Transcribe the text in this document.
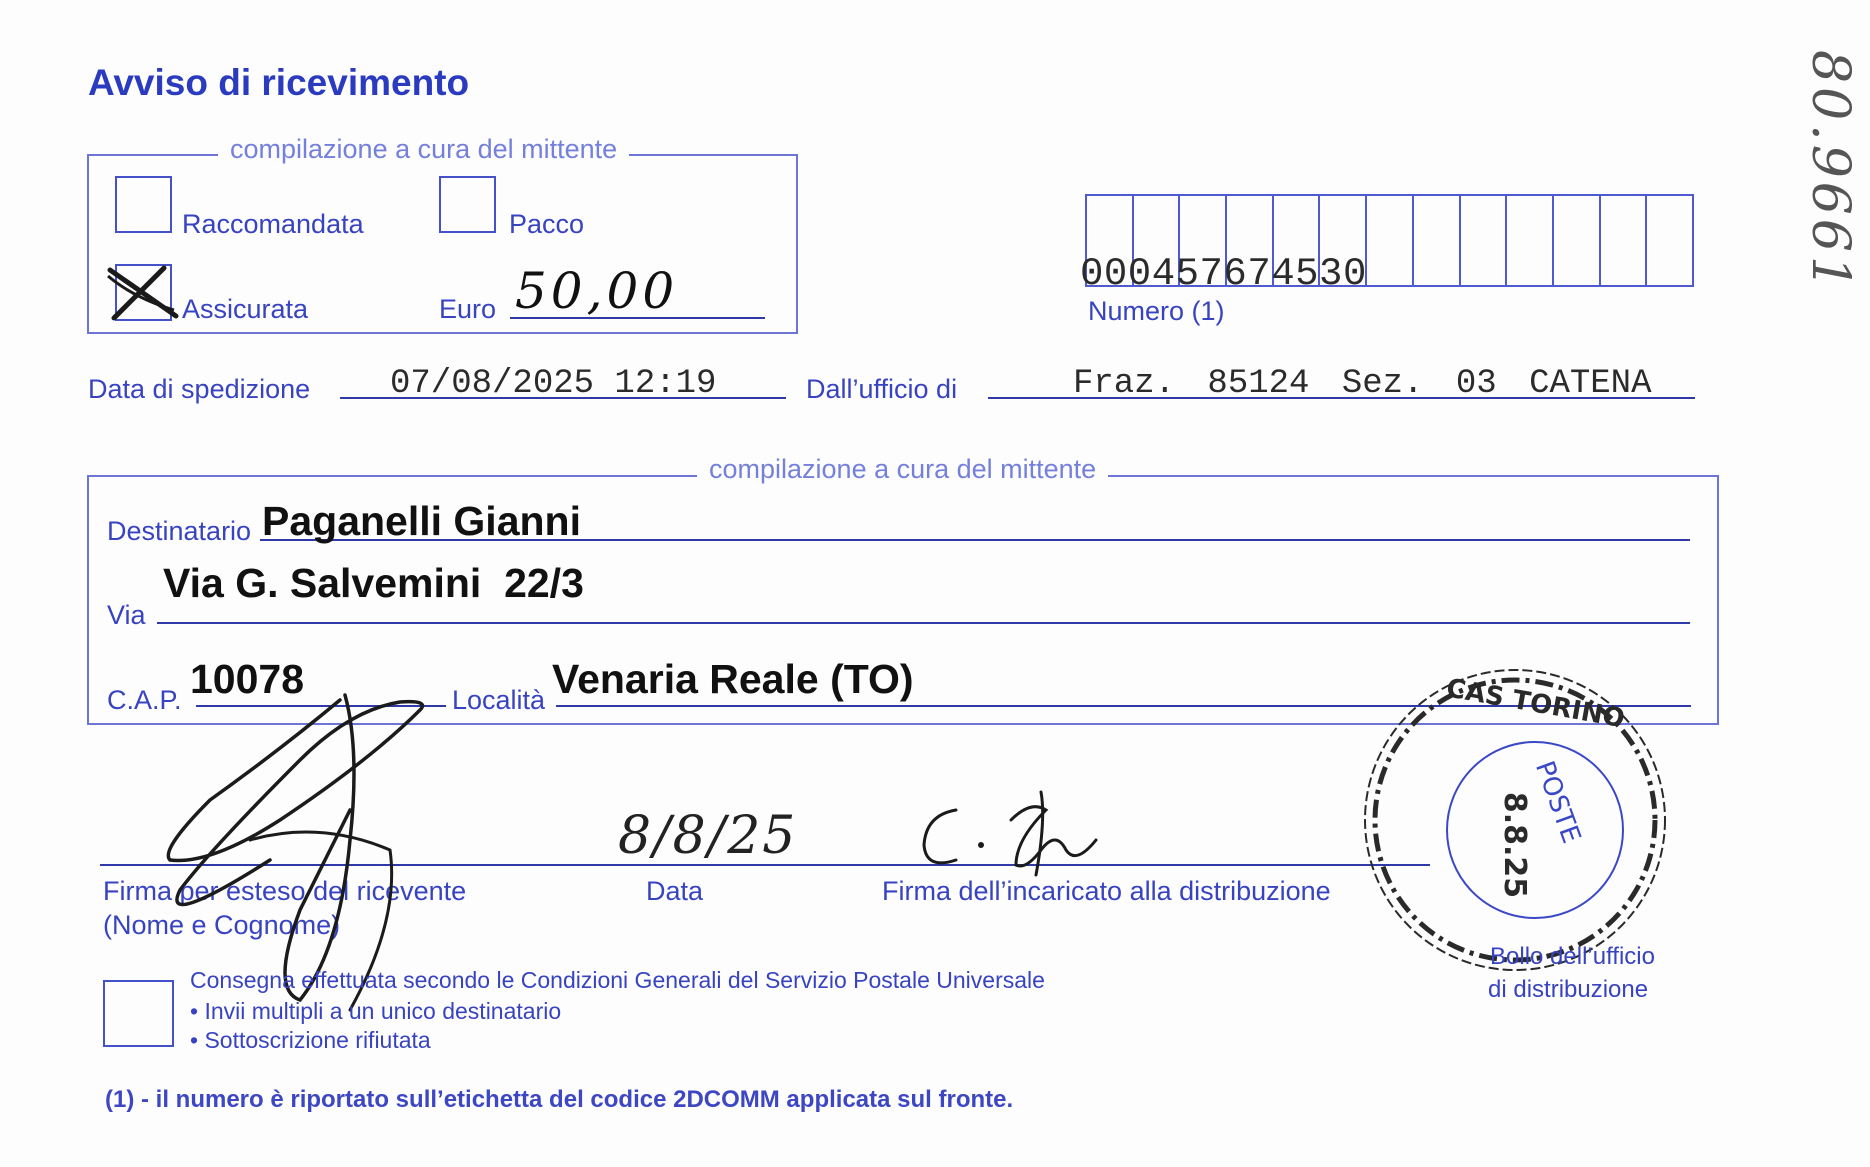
Avviso di ricevimento
compilazione a cura del mittente
Raccomandata	Pacco
Assicurata	Euro 50,00	000457674530
Numero (1)
Data di spedizione 07/08/2025 12:19	Dall’ufficio di	Fraz. 85124 Sez. 03 CATENA
compilazione a cura del mittente
Destinatario Paganelli Gianni
Via G. Salvemini  22/3
Via
C.A.P. 10078	Località Venaria Reale (TO)
Firma per esteso del ricevente
(Nome e Cognome)
Data
8/8/25
Firma dell’incaricato alla distribuzione
CAS TORINO
POSTE
8.8.25
Bollo dell’ufficio
di distribuzione
Consegna effettuata secondo le Condizioni Generali del Servizio Postale Universale
• Invii multipli a un unico destinatario
• Sottoscrizione rifiutata
(1) - il numero è riportato sull’etichetta del codice 2DCOMM applicata sul fronte.
80.9661
